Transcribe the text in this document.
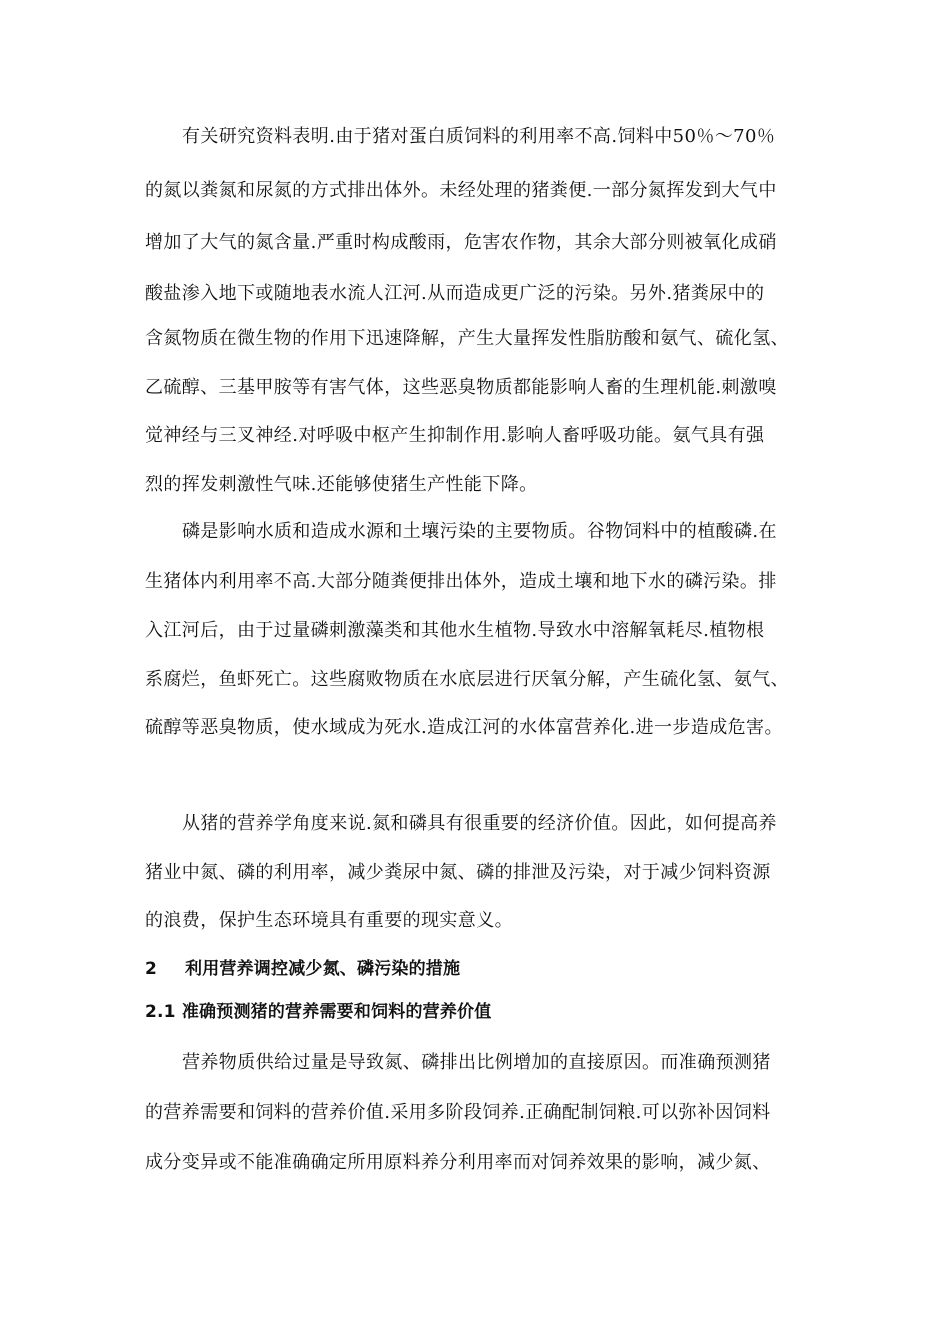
有关研究资料表明.由于猪对蛋白质饲料的利用率不高.饲料中50％～70％
的氮以粪氮和尿氮的方式排出体外。未经处理的猪粪便.一部分氮挥发到大气中
增加了大气的氮含量.严重时构成酸雨，危害农作物，其余大部分则被氧化成硝
酸盐渗入地下或随地表水流人江河.从而造成更广泛的污染。另外.猪粪尿中的
含氮物质在微生物的作用下迅速降解，产生大量挥发性脂肪酸和氨气、硫化氢、
乙硫醇、三基甲胺等有害气体，这些恶臭物质都能影响人畜的生理机能.刺激嗅
觉神经与三叉神经.对呼吸中枢产生抑制作用.影响人畜呼吸功能。氨气具有强
烈的挥发刺激性气味.还能够使猪生产性能下降。
磷是影响水质和造成水源和土壤污染的主要物质。谷物饲料中的植酸磷.在
生猪体内利用率不高.大部分随粪便排出体外，造成土壤和地下水的磷污染。排
入江河后，由于过量磷刺激藻类和其他水生植物.导致水中溶解氧耗尽.植物根
系腐烂，鱼虾死亡。这些腐败物质在水底层进行厌氧分解，产生硫化氢、氨气、
硫醇等恶臭物质，使水域成为死水.造成江河的水体富营养化.进一步造成危害。
从猪的营养学角度来说.氮和磷具有很重要的经济价值。因此，如何提高养
猪业中氮、磷的利用率，减少粪尿中氮、磷的排泄及污染，对于减少饲料资源
的浪费，保护生态环境具有重要的现实意义。
2 利用营养调控减少氮、磷污染的措施
2.1 准确预测猪的营养需要和饲料的营养价值
营养物质供给过量是导致氮、磷排出比例增加的直接原因。而准确预测猪
的营养需要和饲料的营养价值.采用多阶段饲养.正确配制饲粮.可以弥补因饲料
成分变异或不能准确确定所用原料养分利用率而对饲养效果的影响，减少氮、
